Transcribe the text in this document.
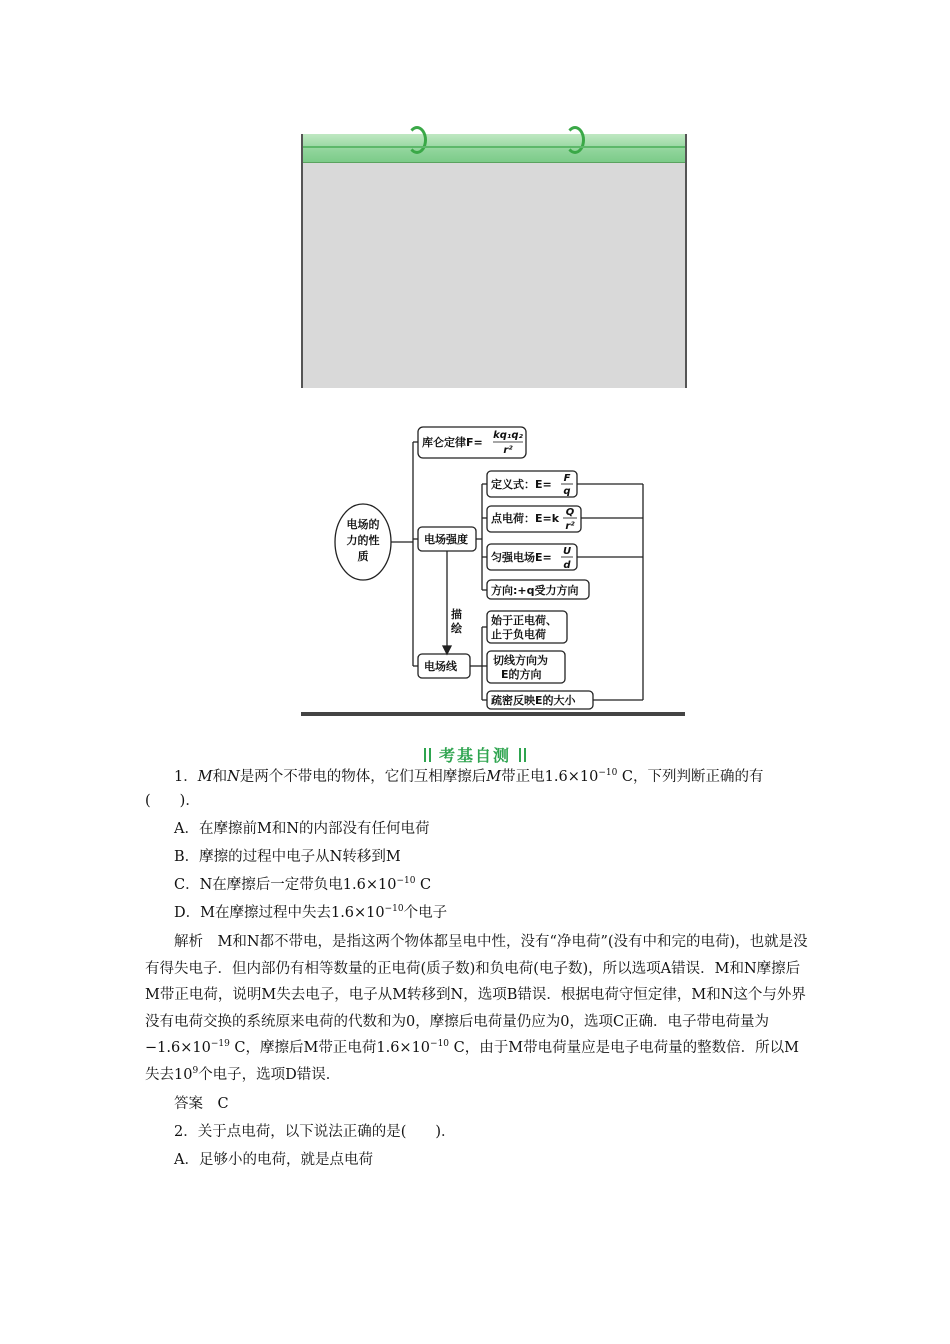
电场的
力的性
质
库仑定律F=
kq₁q₂
r²
电场强度
电场线
描
绘
定义式：E= F
q
点电荷：E=k Q
r²
匀强电场E= U
d
方向:+q受力方向
始于正电荷、
止于负电荷
切线方向为
E的方向
疏密反映E的大小
考基自测

1．M和N是两个不带电的物体，它们互相摩擦后M带正电$1.6\times 10^{-10}$ C，下列判断正确的有(　　)．

A．在摩擦前M和N的内部没有任何电荷

B．摩擦的过程中电子从N转移到M

C．N在摩擦后一定带负电$1.6\times 10^{-10}$ C

D．M在摩擦过程中失去$1.6\times 10^{-10}$个电子

解析　M和N都不带电，是指这两个物体都呈电中性，没有“净电荷”(没有中和完的电荷)，也就是没有得失电子．但内部仍有相等数量的正电荷(质子数)和负电荷(电子数)，所以选项A错误．M和N摩擦后M带正电荷，说明M失去电子，电子从M转移到N，选项B错误．根据电荷守恒定律，M和N这个与外界没有电荷交换的系统原来电荷的代数和为0，摩擦后电荷量仍应为0，选项C正确．电子带电荷量为$-1.6\times 10^{-19}$ C，摩擦后M带正电荷$1.6\times 10^{-10}$ C，由于M带电荷量应是电子电荷量的整数倍．所以M失去$10^9$个电子，选项D错误．

答案　C

2．关于点电荷，以下说法正确的是(　　)．

A．足够小的电荷，就是点电荷
